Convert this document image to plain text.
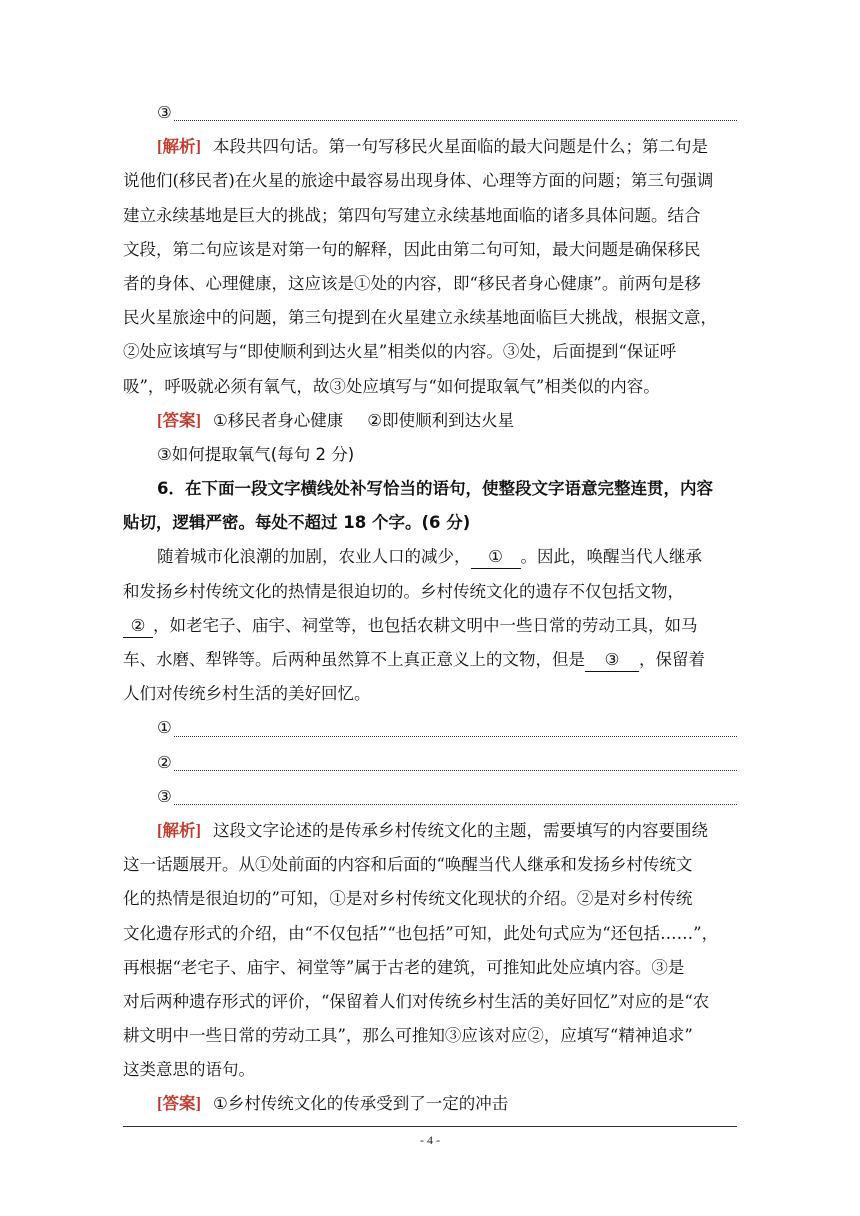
③
[解析] 本段共四句话。第一句写移民火星面临的最大问题是什么；第二句是
说他们(移民者)在火星的旅途中最容易出现身体、心理等方面的问题；第三句强调
建立永续基地是巨大的挑战；第四句写建立永续基地面临的诸多具体问题。结合
文段，第二句应该是对第一句的解释，因此由第二句可知，最大问题是确保移民
者的身体、心理健康，这应该是①处的内容，即“移民者身心健康”。前两句是移
民火星旅途中的问题，第三句提到在火星建立永续基地面临巨大挑战，根据文意，
②处应该填写与“即使顺利到达火星”相类似的内容。③处，后面提到“保证呼
吸”，呼吸就必须有氧气，故③处应填写与“如何提取氧气”相类似的内容。
[答案] ①移民者身心健康 ②即使顺利到达火星
③如何提取氧气(每句 2 分)
6．在下面一段文字横线处补写恰当的语句，使整段文字语意完整连贯，内容
贴切，逻辑严密。每处不超过 18 个字。(6 分)
随着城市化浪潮的加剧，农业人口的减少， ① 。因此，唤醒当代人继承
和发扬乡村传统文化的热情是很迫切的。乡村传统文化的遗存不仅包括文物，
② ，如老宅子、庙宇、祠堂等，也包括农耕文明中一些日常的劳动工具，如马
车、水磨、犁铧等。后两种虽然算不上真正意义上的文物，但是 ③ ，保留着
人们对传统乡村生活的美好回忆。
①
②
③
[解析] 这段文字论述的是传承乡村传统文化的主题，需要填写的内容要围绕
这一话题展开。从①处前面的内容和后面的“唤醒当代人继承和发扬乡村传统文
化的热情是很迫切的”可知，①是对乡村传统文化现状的介绍。②是对乡村传统
文化遗存形式的介绍，由“不仅包括”“也包括”可知，此处句式应为“还包括……”，
再根据“老宅子、庙宇、祠堂等”属于古老的建筑，可推知此处应填内容。③是
对后两种遗存形式的评价，“保留着人们对传统乡村生活的美好回忆”对应的是“农
耕文明中一些日常的劳动工具”，那么可推知③应该对应②，应填写“精神追求”
这类意思的语句。
[答案] ①乡村传统文化的传承受到了一定的冲击
- 4 -
